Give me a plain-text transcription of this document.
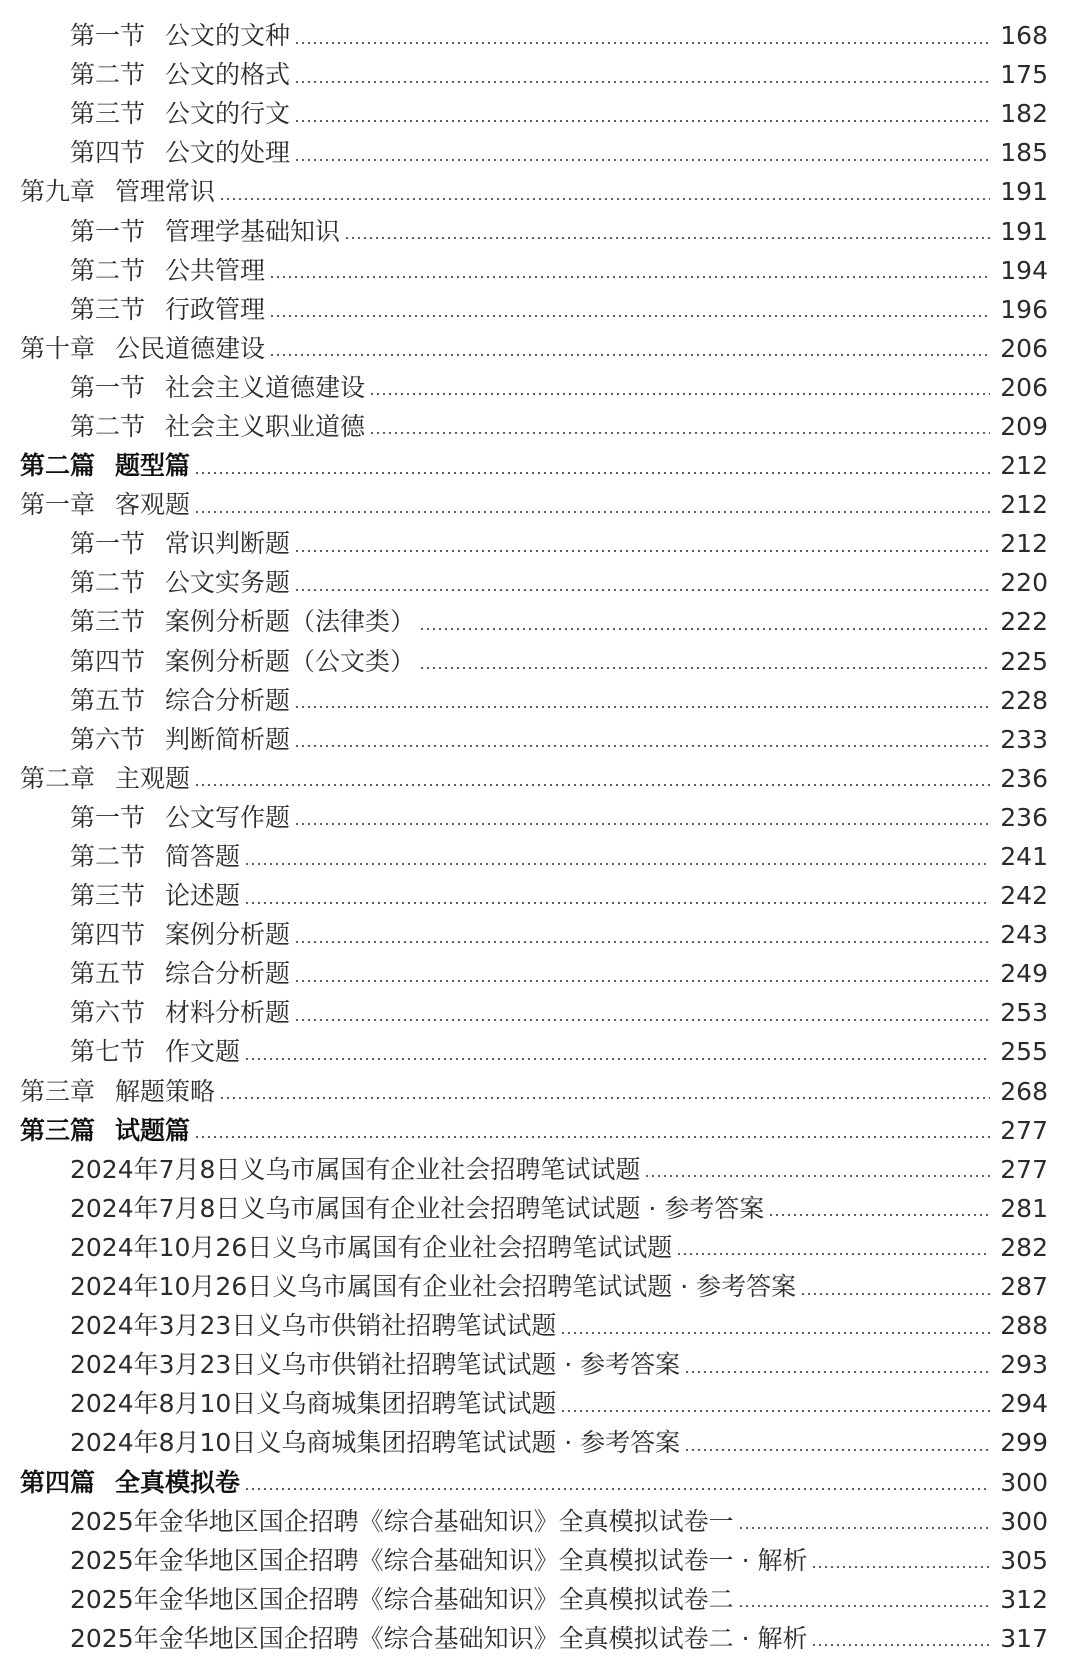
第一节 公文的文种	168
第二节 公文的格式	175
第三节 公文的行文	182
第四节 公文的处理	185
第九章 管理常识	191
第一节 管理学基础知识	191
第二节 公共管理	194
第三节 行政管理	196
第十章 公民道德建设	206
第一节 社会主义道德建设	206
第二节 社会主义职业道德	209
第二篇 题型篇	212
第一章 客观题	212
第一节 常识判断题	212
第二节 公文实务题	220
第三节 案例分析题（法律类）	222
第四节 案例分析题（公文类）	225
第五节 综合分析题	228
第六节 判断简析题	233
第二章 主观题	236
第一节 公文写作题	236
第二节 简答题	241
第三节 论述题	242
第四节 案例分析题	243
第五节 综合分析题	249
第六节 材料分析题	253
第七节 作文题	255
第三章 解题策略	268
第三篇 试题篇	277
2024年7月8日义乌市属国有企业社会招聘笔试试题	277
2024年7月8日义乌市属国有企业社会招聘笔试试题 · 参考答案	281
2024年10月26日义乌市属国有企业社会招聘笔试试题	282
2024年10月26日义乌市属国有企业社会招聘笔试试题 · 参考答案	287
2024年3月23日义乌市供销社招聘笔试试题	288
2024年3月23日义乌市供销社招聘笔试试题 · 参考答案	293
2024年8月10日义乌商城集团招聘笔试试题	294
2024年8月10日义乌商城集团招聘笔试试题 · 参考答案	299
第四篇 全真模拟卷	300
2025年金华地区国企招聘《综合基础知识》全真模拟试卷一	300
2025年金华地区国企招聘《综合基础知识》全真模拟试卷一 · 解析	305
2025年金华地区国企招聘《综合基础知识》全真模拟试卷二	312
2025年金华地区国企招聘《综合基础知识》全真模拟试卷二 · 解析	317
